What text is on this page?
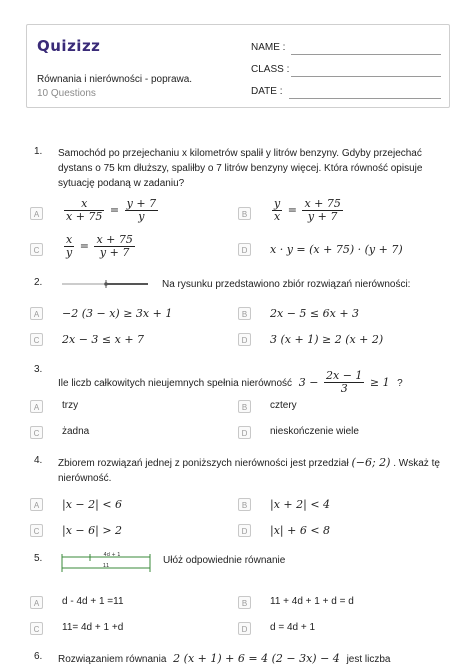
Quizizz
Równania i nierówności - poprawa.
10 Questions
NAME :
CLASS :
DATE :
1. Samochód po przejechaniu x kilometrów spalił y litrów benzyny. Gdyby przejechać dystans o 75 km dłuższy, spaliłby o 7 litrów benzyny więcej. Która równość opisuje sytuację podaną w zadaniu?
A	$\frac{x}{x + 75} = \frac{y + 7}{y}$	B	$\frac{y}{x} = \frac{x + 75}{y + 7}$
C	$\frac{x}{y} = \frac{x + 75}{y + 7}$	D	x · y = (x + 75) · (y + 7)
2.	Na rysunku przedstawiono zbiór rozwiązań nierówności:
A	−2 (3 − x) ≥ 3x + 1	B	2x − 5 ≤ 6x + 3
C	2x − 3 ≤ x + 7	D	3 (x + 1) ≥ 2 (x + 2)
3.
Ile liczb całkowitych nieujemnych spełnia nierówność $3 - \frac{2x - 1}{3} \ge 1$ ?
A	trzy	B	cztery
C	żadna	D	nieskończenie wiele
4. Zbiorem rozwiązań jednej z poniższych nierówności jest przedział (−6; 2) . Wskaż tę nierówność.
A	|x − 2| < 6	B	|x + 2| < 4
C	|x − 6| > 2	D	|x| + 6 < 8
5.	4d + 1
11	Ułóż odpowiednie równanie
A	d - 4d + 1 =11	B	11 + 4d + 1 + d = d
C	11= 4d + 1 +d	D	d = 4d + 1
6. Rozwiązaniem równania 2 (x + 1) + 6 = 4 (2 − 3x) − 4 jest liczba
